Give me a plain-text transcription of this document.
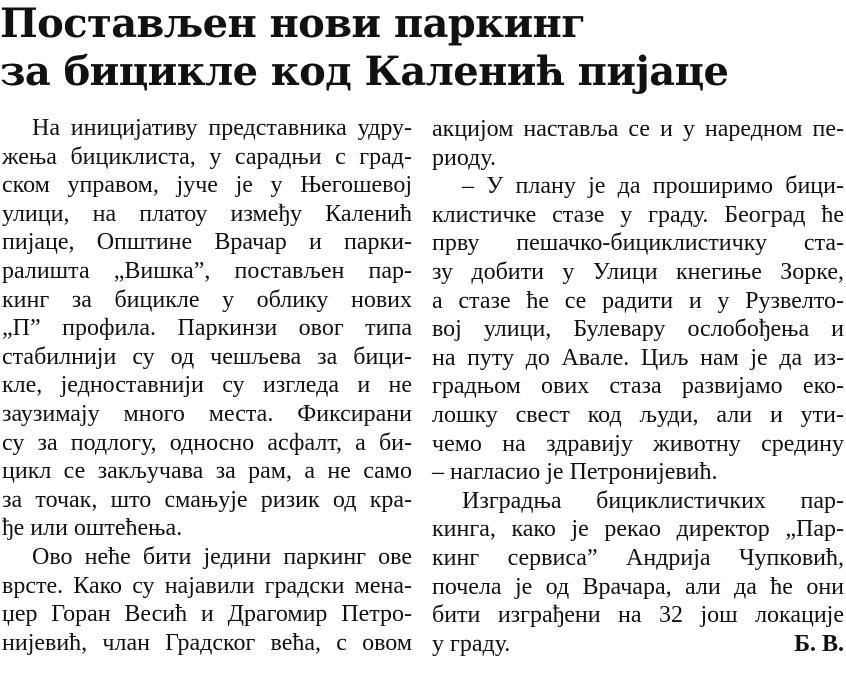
Постављен нови паркинг
за бицикле код Каленић пијаце
На иницијативу представника удру-
жења бициклиста, у сарадњи с град-
ском управом, јуче је у Његошевој
улици, на платоу између Каленић
пијаце, Општине Врачар и парки-
ралишта „Вишка”, постављен пар-
кинг за бицикле у облику нових
„П” профила. Паркинзи овог типа
стабилнији су од чешљева за бици-
кле, једноставнији су изгледа и не
заузимају много места. Фиксирани
су за подлогу, односно асфалт, а би-
цикл се закључава за рам, а не само
за точак, што смањује ризик од кра-
ђе или оштећења.
Ово неће бити једини паркинг ове
врсте. Како су најавили градски мена-
џер Горан Весић и Драгомир Петро-
нијевић, члан Градског већа, с овом
акцијом наставља се и у наредном пе-
риоду.
– У плану је да проширимо бици-
клистичке стазе у граду. Београд ће
прву пешачко-бициклистичку ста-
зу добити у Улици кнегиње Зорке,
а стазе ће се радити и у Рузвелто-
вој улици, Булевару ослобођења и
на путу до Авале. Циљ нам је да из-
градњом ових стаза развијамо еко-
лошку свест код људи, али и ути-
чемо на здравију животну средину
– нагласио је Петронијевић.
Изградња бициклистичких пар-
кинга, како је рекао директор „Пар-
кинг сервиса” Андрија Чупковић,
почела је од Врачара, али да ће они
бити изграђени на 32 још локације
у граду.	Б. В.
